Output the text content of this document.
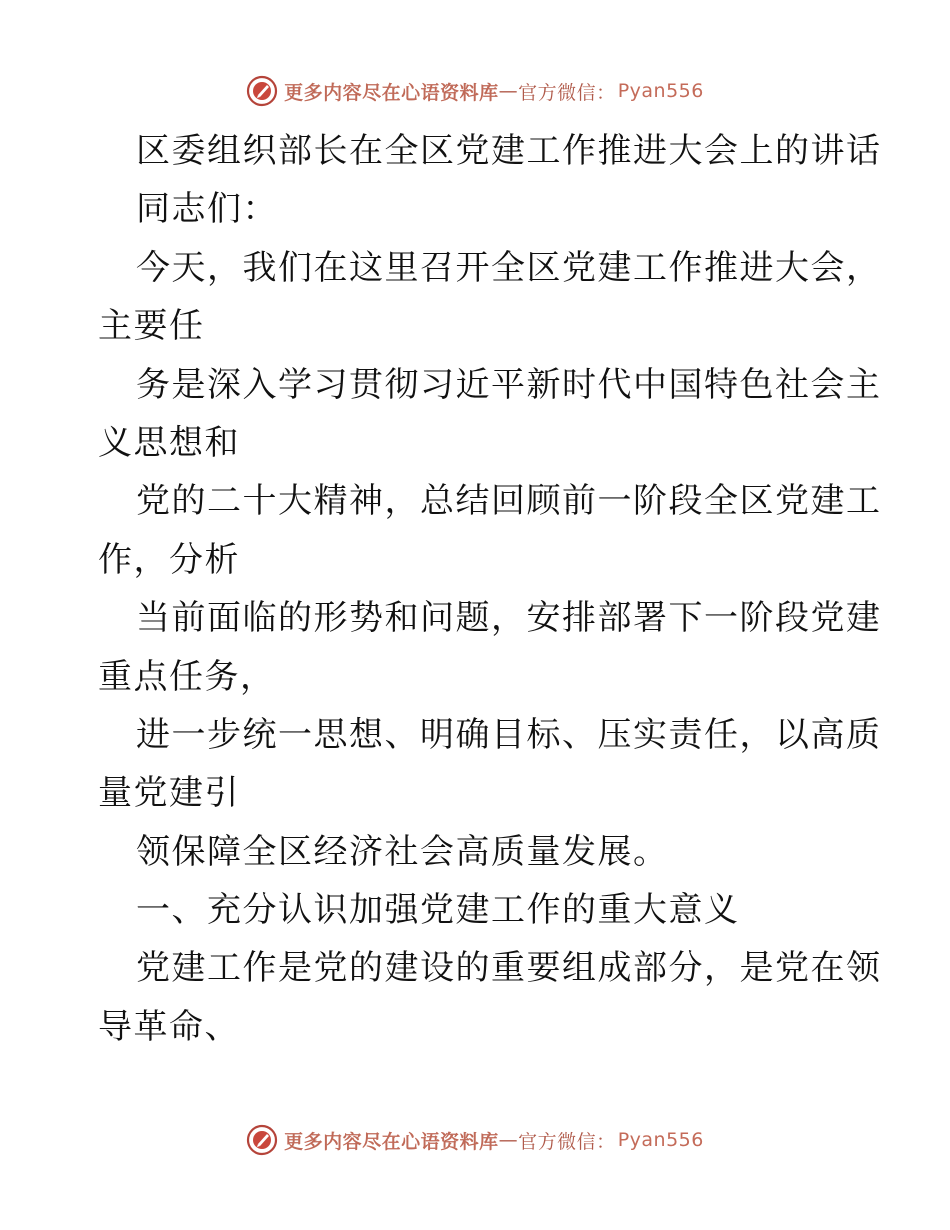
更多内容尽在心语资料库 — 官方微信： Pyan556
区委组织部长在全区党建工作推进大会上的讲话
同志们：
今天，我们在这里召开全区党建工作推进大会，
主要任
务是深入学习贯彻习近平新时代中国特色社会主
义思想和
党的二十大精神，总结回顾前一阶段全区党建工
作，分析
当前面临的形势和问题，安排部署下一阶段党建
重点任务，
进一步统一思想、明确目标、压实责任，以高质
量党建引
领保障全区经济社会高质量发展。
一、充分认识加强党建工作的重大意义
党建工作是党的建设的重要组成部分，是党在领
导革命、
更多内容尽在心语资料库 — 官方微信： Pyan556
